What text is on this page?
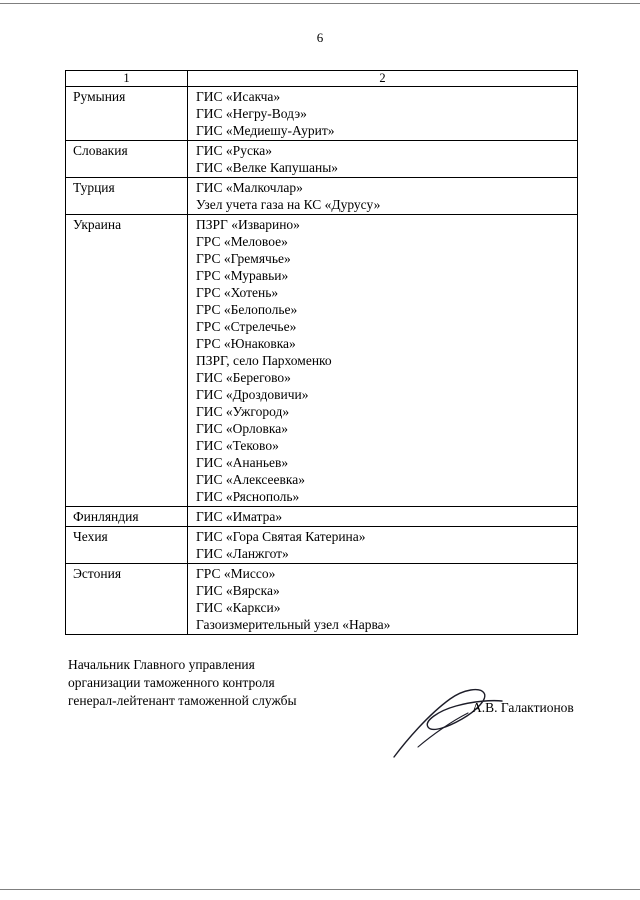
6
1	2
Румыния	ГИС «Исакча»
ГИС «Негру-Водэ»
ГИС «Медиешу-Аурит»

Словакия	ГИС «Руска»
ГИС «Велке Капушаны»

Турция	ГИС «Малкочлар»
Узел учета газа на КС «Дурусу»

Украина	ПЗРГ «Изварино»
ГРС «Меловое»
ГРС «Гремячье»
ГРС «Муравьи»
ГРС «Хотень»
ГРС «Белополье»
ГРС «Стрелечье»
ГРС «Юнаковка»
ПЗРГ, село Пархоменко
ГИС «Берегово»
ГИС «Дроздовичи»
ГИС «Ужгород»
ГИС «Орловка»
ГИС «Теково»
ГИС «Ананьев»
ГИС «Алексеевка»
ГИС «Ряснополь»

Финляндия	ГИС «Иматра»

Чехия	ГИС «Гора Святая Катерина»
ГИС «Ланжгот»

Эстония	ГРС «Миссо»
ГИС «Вярска»
ГИС «Каркси»
Газоизмерительный узел «Нарва»
Начальник Главного управления
организации таможенного контроля
генерал-лейтенант таможенной службы	А.В. Галактионов
